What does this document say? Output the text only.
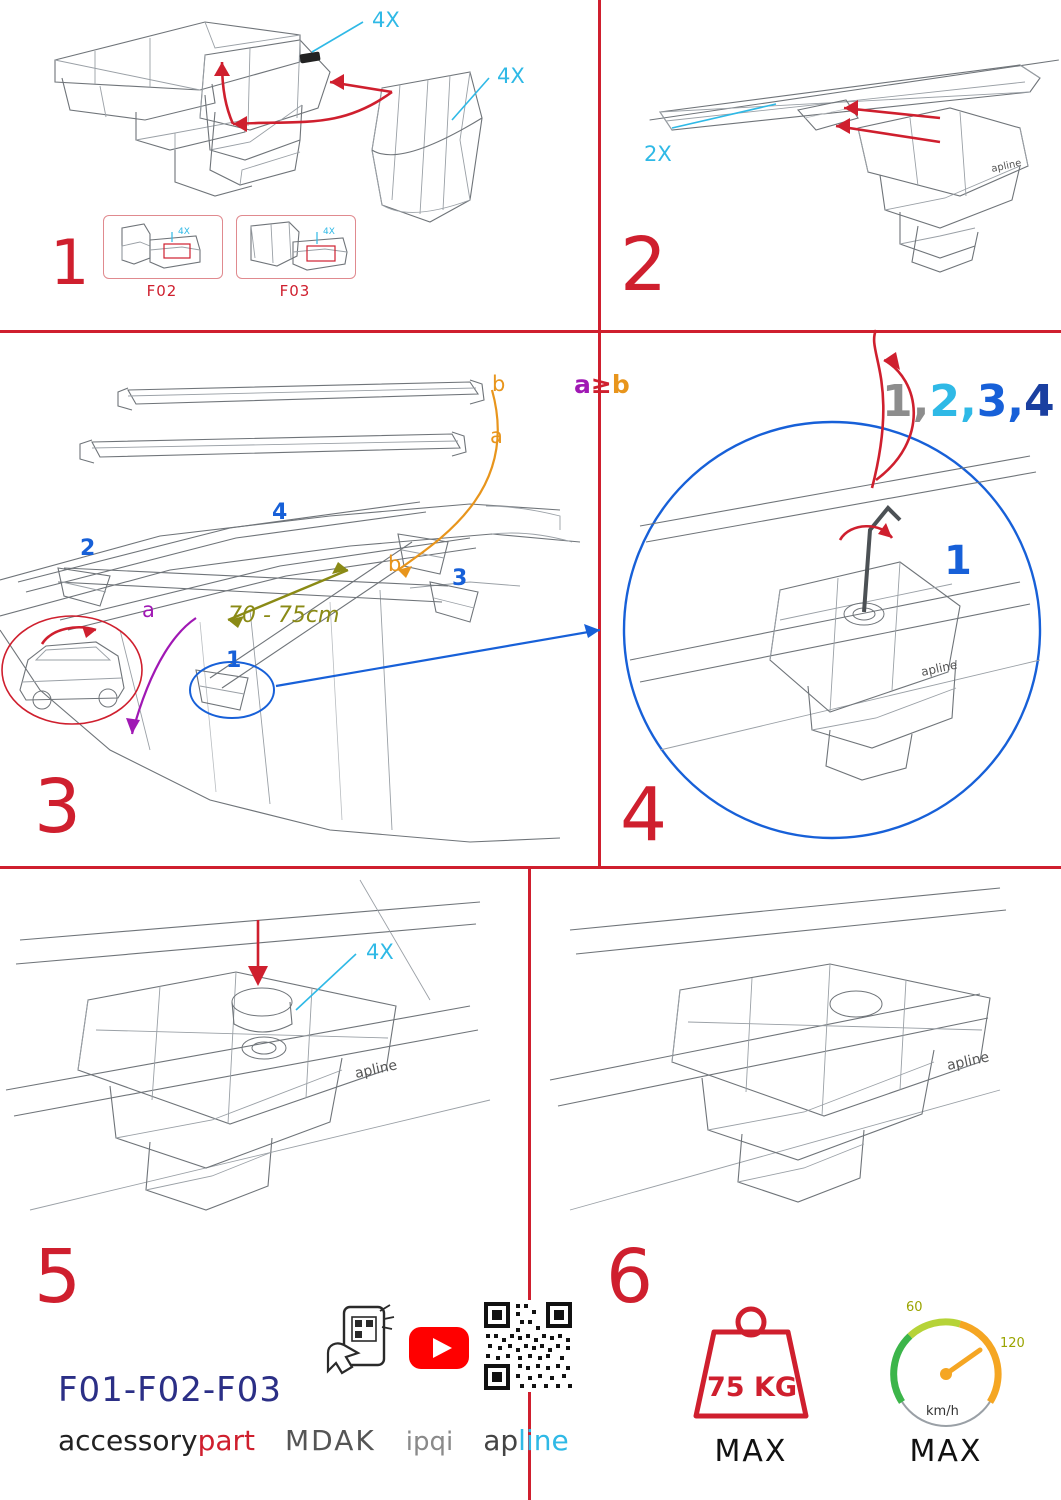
4X
4X
4X
F02
4X
F03
1
apline
2X
2
b
a
a
b
a≥b
70 - 75cm
1
2
3
4
3
apline
1,2,3,4
1
4
apline
4X
5
apline
F01-F02-F03
accessorypart MDAK ipqi apline
6
75 KG
MAX
60
120
km/h
MAX
